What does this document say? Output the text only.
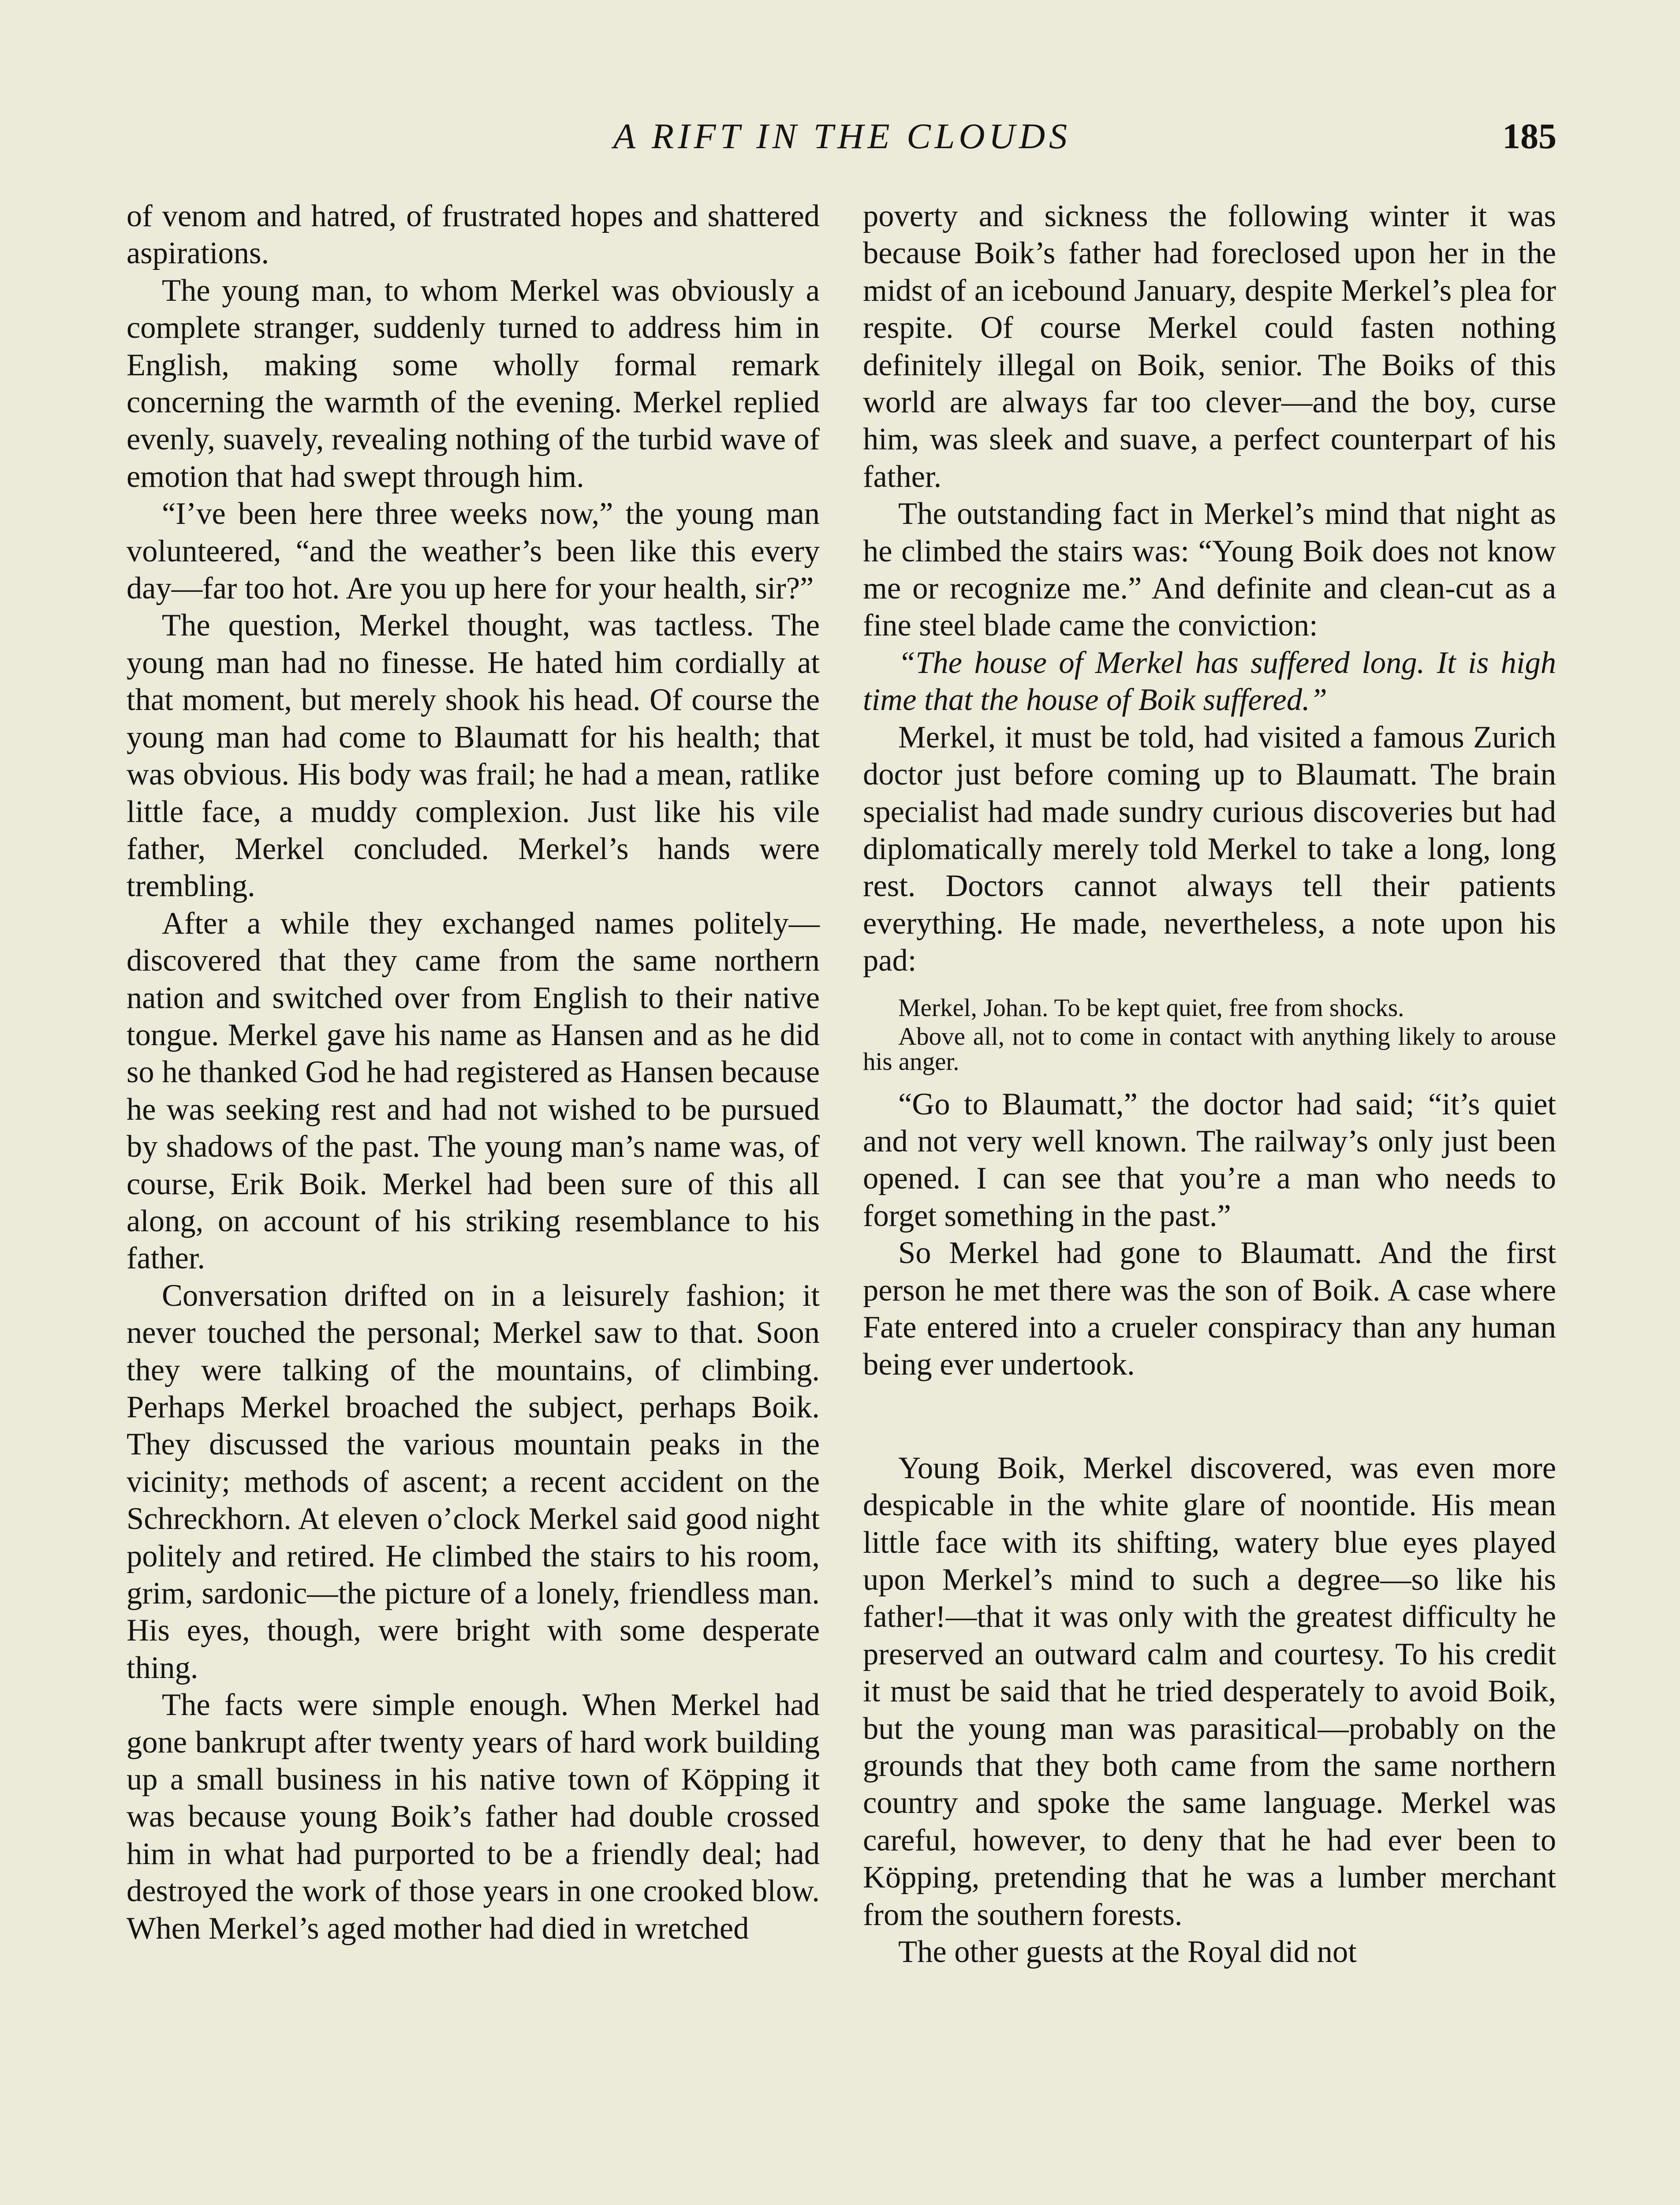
A RIFT IN THE CLOUDS	185

of venom and hatred, of frustrated hopes and shattered aspirations.

The young man, to whom Merkel was obviously a complete stranger, suddenly turned to address him in English, making some wholly formal remark concerning the warmth of the evening. Merkel replied evenly, suavely, revealing nothing of the turbid wave of emotion that had swept through him.

“I’ve been here three weeks now,” the young man volunteered, “and the weather’s been like this every day—far too hot. Are you up here for your health, sir?”

The question, Merkel thought, was tactless. The young man had no finesse. He hated him cordially at that moment, but merely shook his head. Of course the young man had come to Blaumatt for his health; that was obvious. His body was frail; he had a mean, ratlike little face, a muddy complexion. Just like his vile father, Merkel concluded. Merkel’s hands were trembling.

After a while they exchanged names politely—discovered that they came from the same northern nation and switched over from English to their native tongue. Merkel gave his name as Hansen and as he did so he thanked God he had registered as Hansen because he was seeking rest and had not wished to be pursued by shadows of the past. The young man’s name was, of course, Erik Boik. Merkel had been sure of this all along, on account of his striking resemblance to his father.

Conversation drifted on in a leisurely fashion; it never touched the personal; Merkel saw to that. Soon they were talking of the mountains, of climbing. Perhaps Merkel broached the subject, perhaps Boik. They discussed the various mountain peaks in the vicinity; methods of ascent; a recent accident on the Schreckhorn. At eleven o’clock Merkel said good night politely and retired. He climbed the stairs to his room, grim, sardonic—the picture of a lonely, friendless man. His eyes, though, were bright with some desperate thing.

The facts were simple enough. When Merkel had gone bankrupt after twenty years of hard work building up a small business in his native town of Köpping it was because young Boik’s father had double crossed him in what had purported to be a friendly deal; had destroyed the work of those years in one crooked blow. When Merkel’s aged mother had died in wretched

poverty and sickness the following winter it was because Boik’s father had foreclosed upon her in the midst of an icebound January, despite Merkel’s plea for respite. Of course Merkel could fasten nothing definitely illegal on Boik, senior. The Boiks of this world are always far too clever—and the boy, curse him, was sleek and suave, a perfect counterpart of his father.

The outstanding fact in Merkel’s mind that night as he climbed the stairs was: “Young Boik does not know me or recognize me.” And definite and clean-cut as a fine steel blade came the conviction:

“The house of Merkel has suffered long. It is high time that the house of Boik suffered.”

Merkel, it must be told, had visited a famous Zurich doctor just before coming up to Blaumatt. The brain specialist had made sundry curious discoveries but had diplomatically merely told Merkel to take a long, long rest. Doctors cannot always tell their patients everything. He made, nevertheless, a note upon his pad:

Merkel, Johan. To be kept quiet, free from shocks.

Above all, not to come in contact with anything likely to arouse his anger.

“Go to Blaumatt,” the doctor had said; “it’s quiet and not very well known. The railway’s only just been opened. I can see that you’re a man who needs to forget something in the past.”

So Merkel had gone to Blaumatt. And the first person he met there was the son of Boik. A case where Fate entered into a crueler conspiracy than any human being ever undertook.

Young Boik, Merkel discovered, was even more despicable in the white glare of noontide. His mean little face with its shifting, watery blue eyes played upon Merkel’s mind to such a degree—so like his father!—that it was only with the greatest difficulty he preserved an outward calm and courtesy. To his credit it must be said that he tried desperately to avoid Boik, but the young man was parasitical—probably on the grounds that they both came from the same northern country and spoke the same language. Merkel was careful, however, to deny that he had ever been to Köpping, pretending that he was a lumber merchant from the southern forests.

The other guests at the Royal did not
